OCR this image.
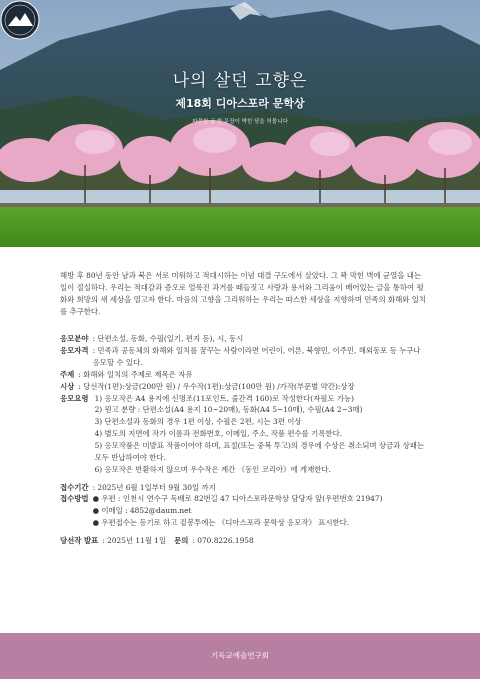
나의 살던 고향은
제18회 디아스포라 문학상
파묻힌 글 한 문장이 박힌 담을 허물니다

해방 후 80년 동안 남과 북은 서로 미워하고 적대시하는 이념 대결 구도에서 살았다. 그 꽉 막힌 벽에 균열을 내는 일이 절실하다. 우리는 적대감과 증오로 얼룩진 과거를 떼들짓고 사랑과 용서와 그리움이 배어있는 글을 통하여 평화와 희망의 새 세상을 열고자 한다. 마음의 고향을 그리워하는 우리는 따스한 세상을 지향하며 민족의 화해와 일치를 추구한다.

응모분야 : 단편소설, 동화, 수필(일기, 편지 등), 시, 동시
응모자격 : 민족과 공동체의 화해와 일치를 꿈꾸는 사람이라면 어린이, 어른, 북향민, 이주민, 해외동포 등 누구나 응모할 수 있다.
주제 : 화해와 일치의 주제로 제목은 자유
시상 : 당선작(1편):상금(200만 원) / 우수작(1편):상금(100만 원) /가작(부문별 약간):상장
응모요령 1) 응모작은 A4 용지에 신명조(11포인트, 줄간격 160)로 작성한다(자필도 가능)
2) 원고 분량 : 단편소설(A4 용지 10~20매), 동화(A4 5~10매), 수필(A4 2~3매)
3) 단편소설과 동화의 경우 1편 이상, 수필은 2편, 시는 3편 이상
4) 별도의 지면에 작가 이름과 전화번호, 이메일, 주소, 작품 편수를 기록한다.
5) 응모작품은 미발표 작품이어야 하며, 표절(또는 중복 투고)의 경우에 수상은 취소되며 상금과 상패는 모두 반납하여야 한다.
6) 응모작은 반환하지 않으며 우수작은 계간 《동인 코리아》에 게재한다.
접수기간 : 2025년 6월 1일부터 9월 30일 까지
접수방법 ● 우편 : 인천시 연수구 독배로 82번길 47 디아스포라문학상 담당자 앞(우편번호 21947)
● 이메일 : 4852@daum.net
● 우편접수는 등기로 하고 겉봉투에는 《디아스포라 문학상 응모작》 표시한다.
당선작 발표 : 2025년 11월 1일	문의 : 070.8226.1958
기독교예술연구회
